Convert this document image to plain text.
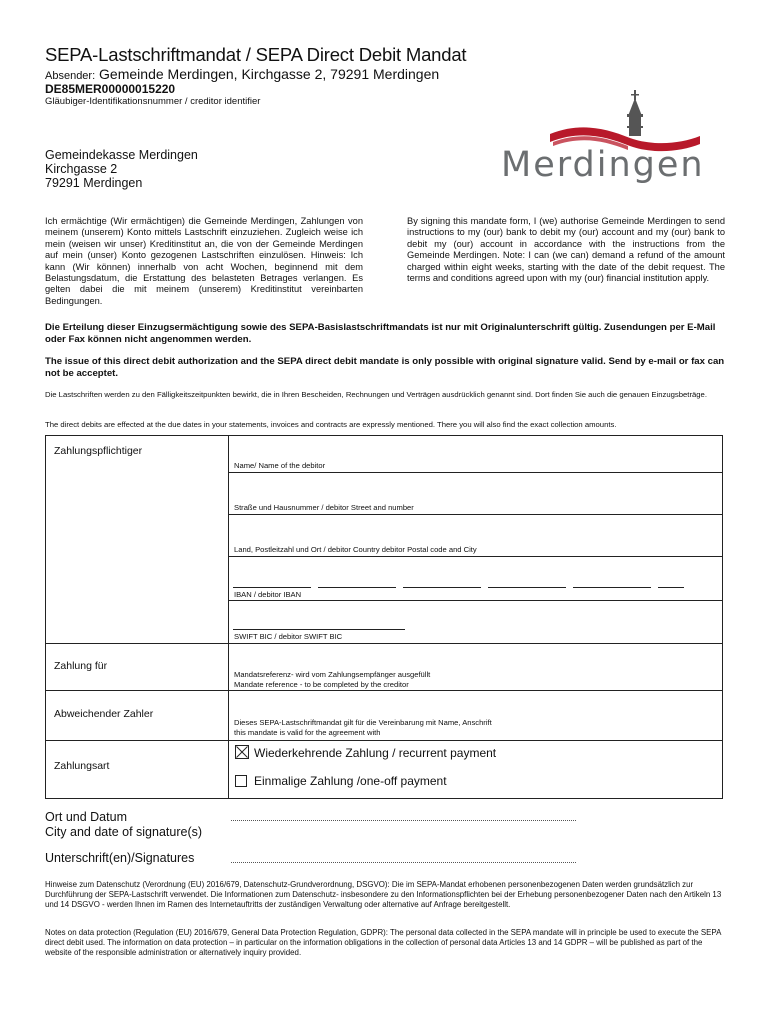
SEPA-Lastschriftmandat / SEPA Direct Debit Mandat
Absender: Gemeinde Merdingen, Kirchgasse 2, 79291 Merdingen
DE85MER00000015220
Gläubiger-Identifikationsnummer / creditor identifier
Merdingen
Gemeindekasse Merdingen
Kirchgasse 2
79291 Merdingen
Ich ermächtige (Wir ermächtigen) die Gemeinde Merdingen, Zahlungen von meinem (unserem) Konto mittels Lastschrift einzuziehen. Zugleich weise ich mein (weisen wir unser) Kreditinstitut an, die von der Gemeinde Merdingen auf mein (unser) Konto gezogenen Lastschriften einzulösen. Hinweis: Ich kann (Wir können) innerhalb von acht Wochen, beginnend mit dem Belastungsdatum, die Erstattung des belasteten Betrages verlangen. Es gelten dabei die mit meinem (unserem) Kreditinstitut vereinbarten Bedingungen.
By signing this mandate form, I (we) authorise Gemeinde Merdingen to send instructions to my (our) bank to debit my (our) account and my (our) bank to debit my (our) account in accordance with the instructions from the Gemeinde Merdingen. Note: I can (we can) demand a refund of the amount charged within eight weeks, starting with the date of the debit request. The terms and conditions agreed upon with my (our) financial institution apply.
Die Erteilung dieser Einzugsermächtigung sowie des SEPA-Basislastschriftmandats ist nur mit Originalunterschrift gültig. Zusendungen per E-Mail oder Fax können nicht angenommen werden.
The issue of this direct debit authorization and the SEPA direct debit mandate is only possible with original signature valid. Send by e-mail or fax can not be acceptet.
Die Lastschriften werden zu den Fälligkeitszeitpunkten bewirkt, die in Ihren Bescheiden, Rechnungen und Verträgen ausdrücklich genannt sind. Dort finden Sie auch die genauen Einzugsbeträge.
The direct debits are effected at the due dates in your statements, invoices and contracts are expressly mentioned. There you will also find the exact collection amounts.
Zahlungspflichtiger
Name/ Name of the debitor
Straße und Hausnummer / debitor Street and number
Land, Postleitzahl und Ort / debitor Country debitor Postal code and City
IBAN / debitor IBAN
SWIFT BIC / debitor SWIFT BIC
Zahlung für
Mandatsreferenz- wird vom Zahlungsempfänger ausgefüllt
Mandate reference - to be completed by the creditor
Abweichender Zahler
Dieses SEPA-Lastschriftmandat gilt für die Vereinbarung mit Name, Anschrift
this mandate is valid for the agreement with
Zahlungsart
Wiederkehrende Zahlung / recurrent payment
Einmalige Zahlung /one-off payment
Ort und Datum
City and date of signature(s)
Unterschrift(en)/Signatures
Hinweise zum Datenschutz (Verordnung (EU) 2016/679, Datenschutz-Grundverordnung, DSGVO): Die im SEPA-Mandat erhobenen personenbezogenen Daten werden grundsätzlich zur Durchführung der SEPA-Lastschrift verwendet. Die Informationen zum Datenschutz- insbesondere zu den Informationspflichten bei der Erhebung personenbezogener Daten nach den Artikeln 13 und 14 DSGVO - werden Ihnen im Ramen des Internetauftritts der zuständigen Verwaltung oder alternative auf Anfrage bereitgestellt.
Notes on data protection (Regulation (EU) 2016/679, General Data Protection Regulation, GDPR): The personal data collected in the SEPA mandate will in principle be used to execute the SEPA direct debit used. The information on data protection – in particular on the information obligations in the collection of personal data Articles 13 and 14 GDPR – will be published as part of the website of the responsible administration or alternatively inquiry provided.
